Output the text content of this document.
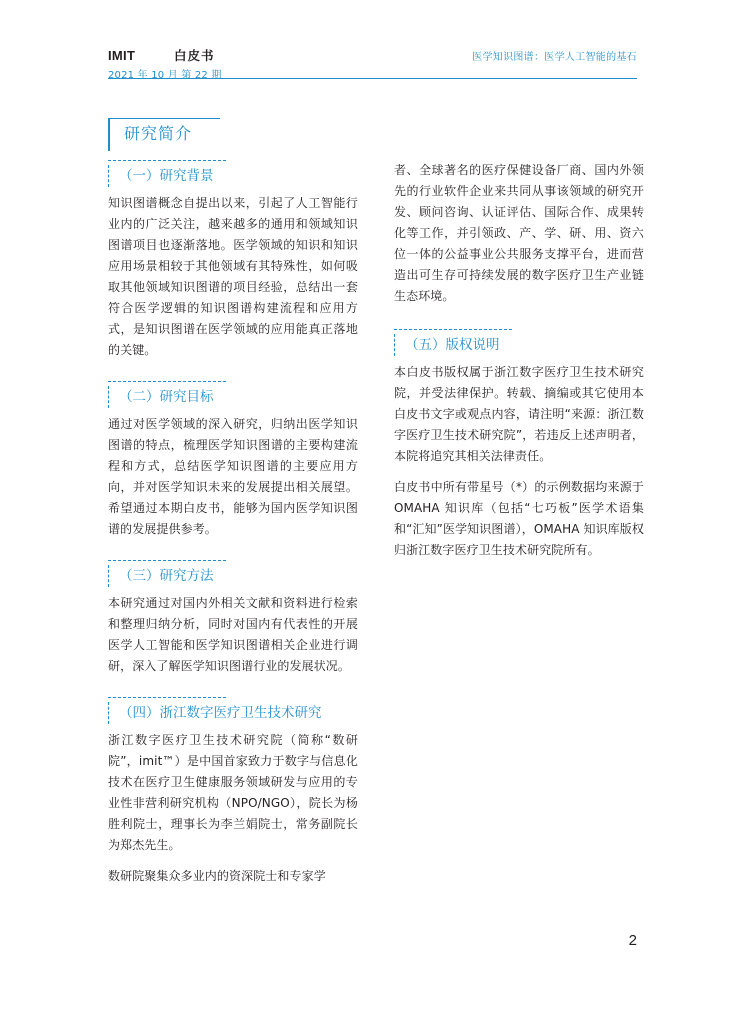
IMIT	白皮书
2021 年 10 月 第 22 期
医学知识图谱：医学人工智能的基石
研究简介
（一）研究背景

知识图谱概念自提出以来，引起了人工智能行业内的广泛关注，越来越多的通用和领域知识图谱项目也逐渐落地。医学领域的知识和知识应用场景相较于其他领域有其特殊性，如何吸取其他领域知识图谱的项目经验，总结出一套符合医学逻辑的知识图谱构建流程和应用方式，是知识图谱在医学领域的应用能真正落地的关键。

（二）研究目标

通过对医学领域的深入研究，归纳出医学知识图谱的特点，梳理医学知识图谱的主要构建流程和方式，总结医学知识图谱的主要应用方向，并对医学知识未来的发展提出相关展望。希望通过本期白皮书，能够为国内医学知识图谱的发展提供参考。

（三）研究方法

本研究通过对国内外相关文献和资料进行检索和整理归纳分析，同时对国内有代表性的开展医学人工智能和医学知识图谱相关企业进行调研，深入了解医学知识图谱行业的发展状况。

（四）浙江数字医疗卫生技术研究

浙江数字医疗卫生技术研究院（简称“数研院”，imit™）是中国首家致力于数字与信息化技术在医疗卫生健康服务领域研发与应用的专业性非营利研究机构（NPO/NGO），院长为杨胜利院士，理事长为李兰娟院士，常务副院长为郑杰先生。

数研院聚集众多业内的资深院士和专家学

者、全球著名的医疗保健设备厂商、国内外领先的行业软件企业来共同从事该领域的研究开发、顾问咨询、认证评估、国际合作、成果转化等工作，并引领政、产、学、研、用、资六位一体的公益事业公共服务支撑平台，进而营造出可生存可持续发展的数字医疗卫生产业链生态环境。

（五）版权说明

本白皮书版权属于浙江数字医疗卫生技术研究院，并受法律保护。转载、摘编或其它使用本白皮书文字或观点内容，请注明“来源：浙江数字医疗卫生技术研究院”，若违反上述声明者，本院将追究其相关法律责任。

白皮书中所有带星号（*）的示例数据均来源于 OMAHA 知识库（包括“七巧板”医学术语集和“汇知”医学知识图谱），OMAHA 知识库版权归浙江数字医疗卫生技术研究院所有。

2
